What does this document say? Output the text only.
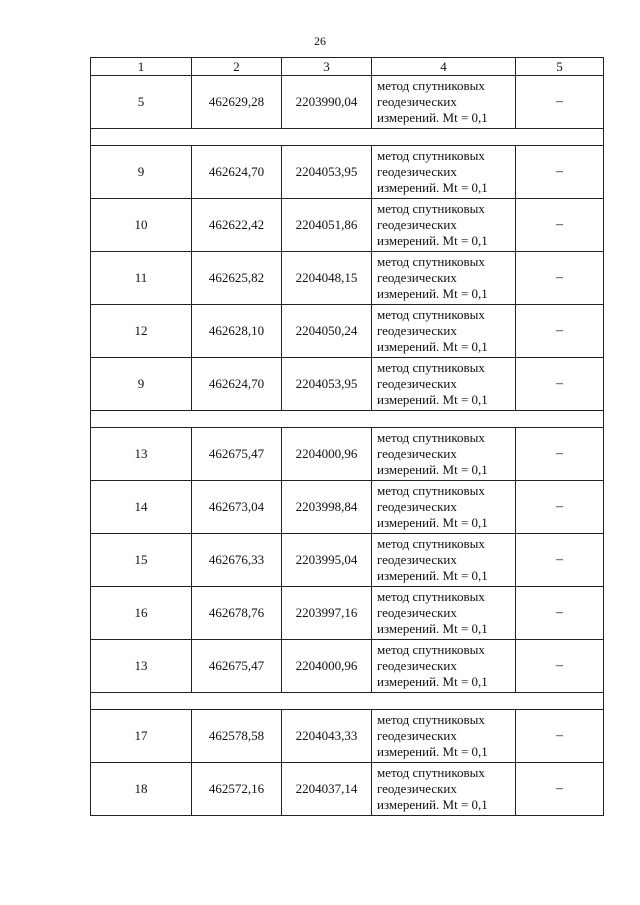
26
1	2	3	4	5
5	462629,28	2203990,04	метод спутниковых
геодезических
измерений. Mt = 0,1	–

9	462624,70	2204053,95	метод спутниковых
геодезических
измерений. Mt = 0,1	–
10	462622,42	2204051,86	метод спутниковых
геодезических
измерений. Mt = 0,1	–
11	462625,82	2204048,15	метод спутниковых
геодезических
измерений. Mt = 0,1	–
12	462628,10	2204050,24	метод спутниковых
геодезических
измерений. Mt = 0,1	–
9	462624,70	2204053,95	метод спутниковых
геодезических
измерений. Mt = 0,1	–

13	462675,47	2204000,96	метод спутниковых
геодезических
измерений. Mt = 0,1	–
14	462673,04	2203998,84	метод спутниковых
геодезических
измерений. Mt = 0,1	–
15	462676,33	2203995,04	метод спутниковых
геодезических
измерений. Mt = 0,1	–
16	462678,76	2203997,16	метод спутниковых
геодезических
измерений. Mt = 0,1	–
13	462675,47	2204000,96	метод спутниковых
геодезических
измерений. Mt = 0,1	–

17	462578,58	2204043,33	метод спутниковых
геодезических
измерений. Mt = 0,1	–
18	462572,16	2204037,14	метод спутниковых
геодезических
измерений. Mt = 0,1	–
